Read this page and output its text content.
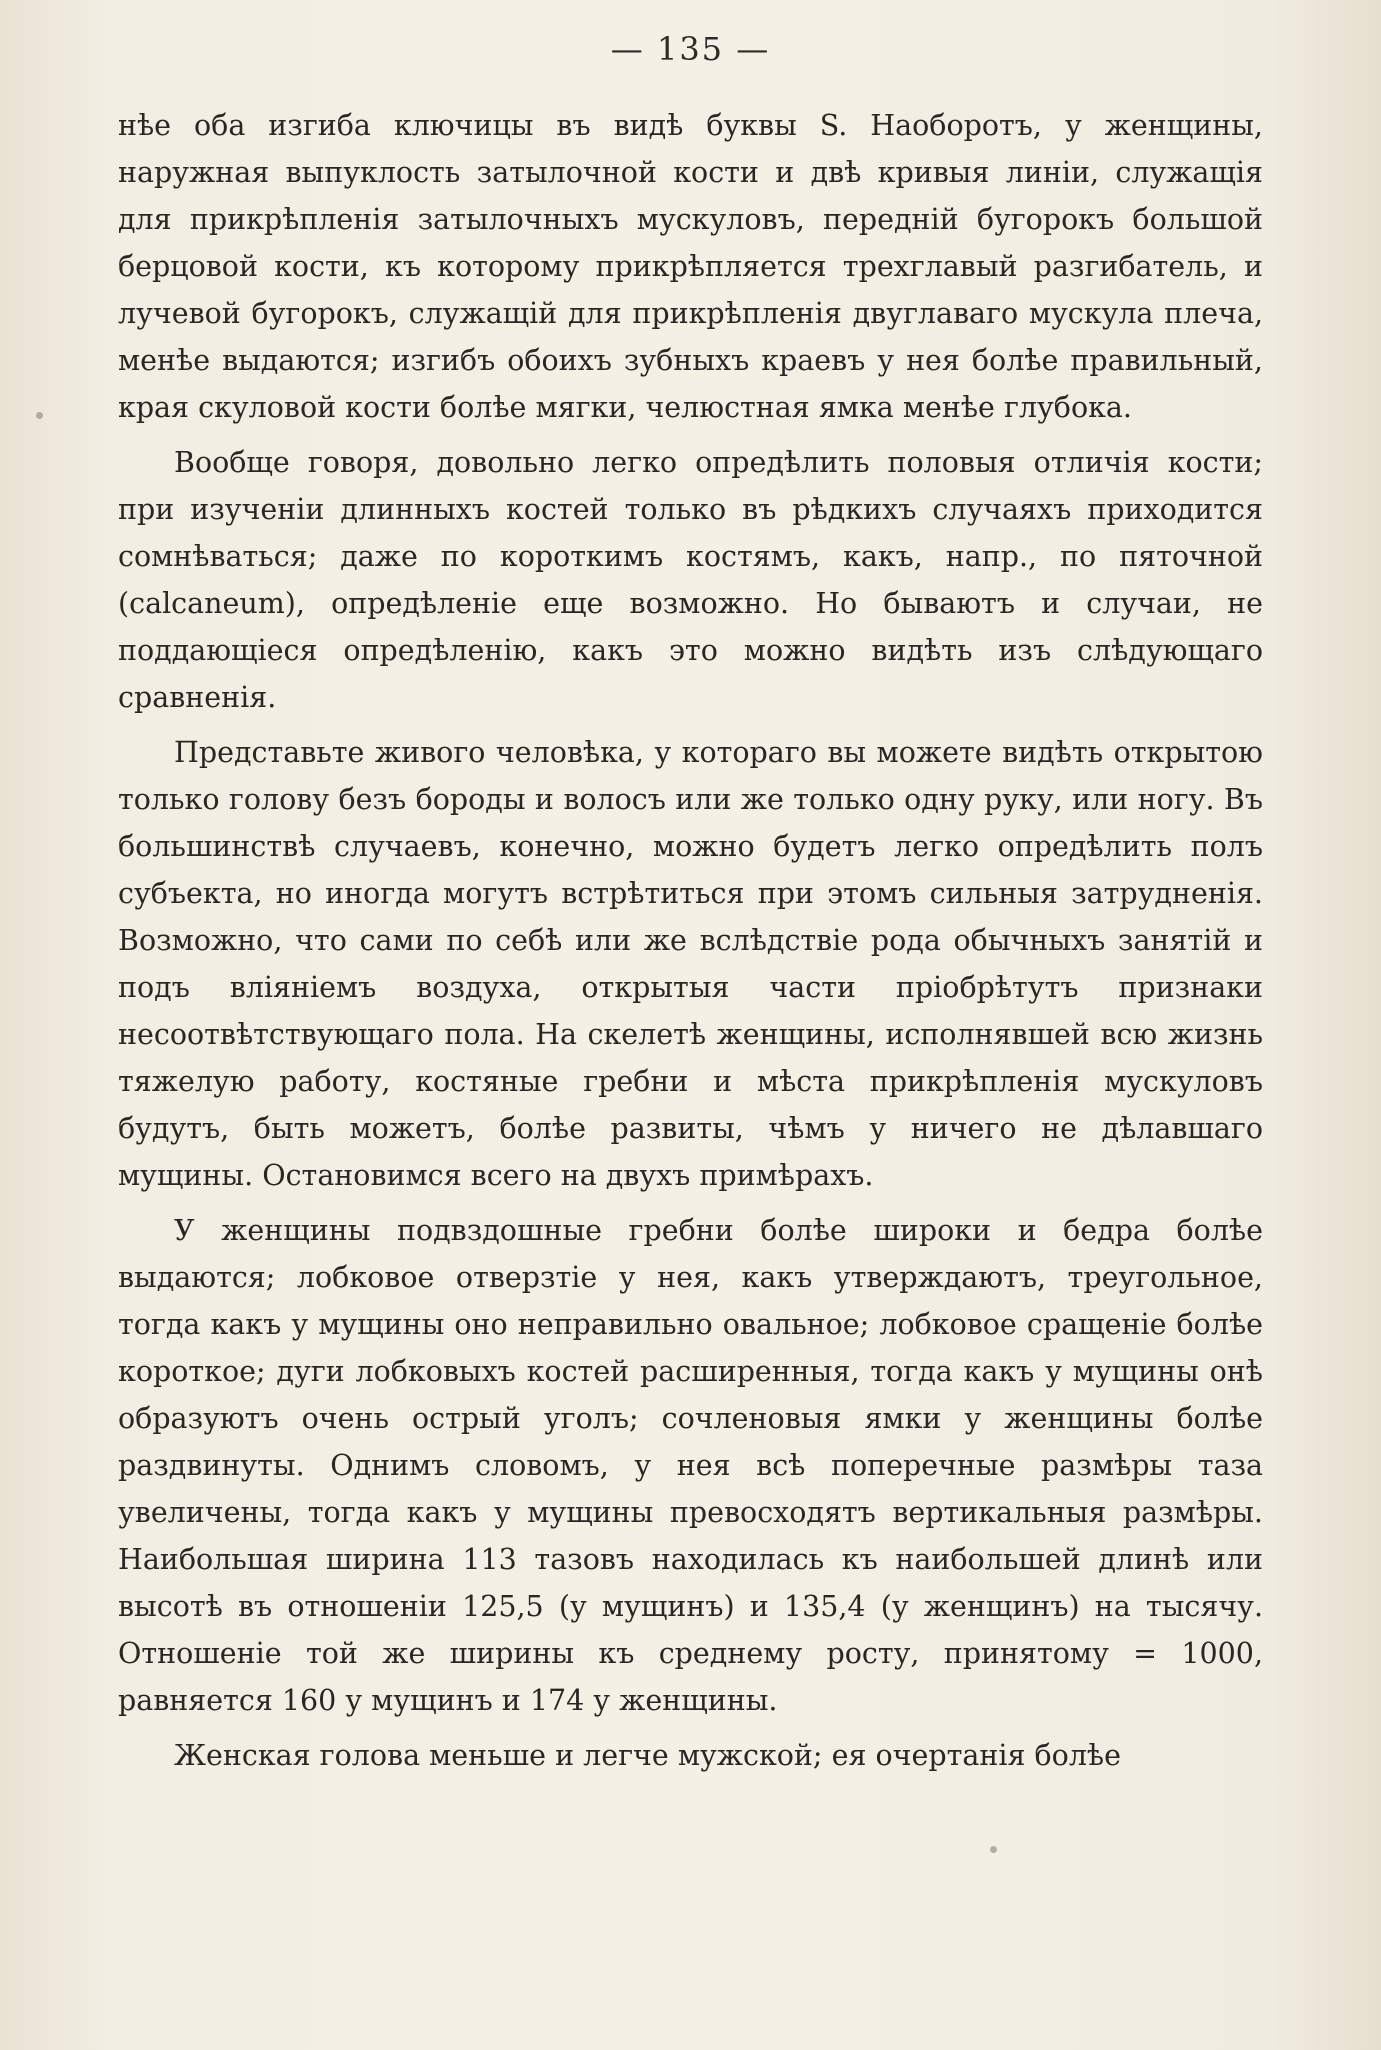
— 135 —

нѣе оба изгиба ключицы въ видѣ буквы S. Наоборотъ, у женщины, наружная выпуклость затылочной кости и двѣ кривыя линіи, служащія для прикрѣпленія затылочныхъ мускуловъ, передній бугорокъ большой берцовой кости, къ которому прикрѣпляется трехглавый разгибатель, и лучевой бугорокъ, служащій для прикрѣпленія двуглаваго мускула плеча, менѣе выдаются; изгибъ обоихъ зубныхъ краевъ у нея болѣе правильный, края скуловой кости болѣе мягки, челюстная ямка менѣе глубока.

Вообще говоря, довольно легко опредѣлить половыя отличія кости; при изученіи длинныхъ костей только въ рѣдкихъ случаяхъ приходится сомнѣваться; даже по короткимъ костямъ, какъ, напр., по пяточной (calcaneum), опредѣленіе еще возможно. Но бываютъ и случаи, не поддающіеся опредѣленію, какъ это можно видѣть изъ слѣдующаго сравненія.

Представьте живого человѣка, у котораго вы можете видѣть открытою только голову безъ бороды и волосъ или же только одну руку, или ногу. Въ большинствѣ случаевъ, конечно, можно будетъ легко опредѣлить полъ субъекта, но иногда могутъ встрѣтиться при этомъ сильныя затрудненія. Возможно, что сами по себѣ или же вслѣдствіе рода обычныхъ занятій и подъ вліяніемъ воздуха, открытыя части пріобрѣтутъ признаки несоотвѣтствующаго пола. На скелетѣ женщины, исполнявшей всю жизнь тяжелую работу, костяные гребни и мѣста прикрѣпленія мускуловъ будутъ, быть можетъ, болѣе развиты, чѣмъ у ничего не дѣлавшаго мущины. Остановимся всего на двухъ примѣрахъ.

У женщины подвздошные гребни болѣе широки и бедра болѣе выдаются; лобковое отверзтіе у нея, какъ утверждаютъ, треугольное, тогда какъ у мущины оно неправильно овальное; лобковое сращеніе болѣе короткое; дуги лобковыхъ костей расширенныя, тогда какъ у мущины онѣ образуютъ очень острый уголъ; сочленовыя ямки у женщины болѣе раздвинуты. Однимъ словомъ, у нея всѣ поперечные размѣры таза увеличены, тогда какъ у мущины превосходятъ вертикальныя размѣры. Наибольшая ширина 113 тазовъ находилась къ наибольшей длинѣ или высотѣ въ отношеніи 125,5 (у мущинъ) и 135,4 (у женщинъ) на тысячу. Отношеніе той же ширины къ среднему росту, принятому = 1000, равняется 160 у мущинъ и 174 у женщины.

Женская голова меньше и легче мужской; ея очертанія болѣе
